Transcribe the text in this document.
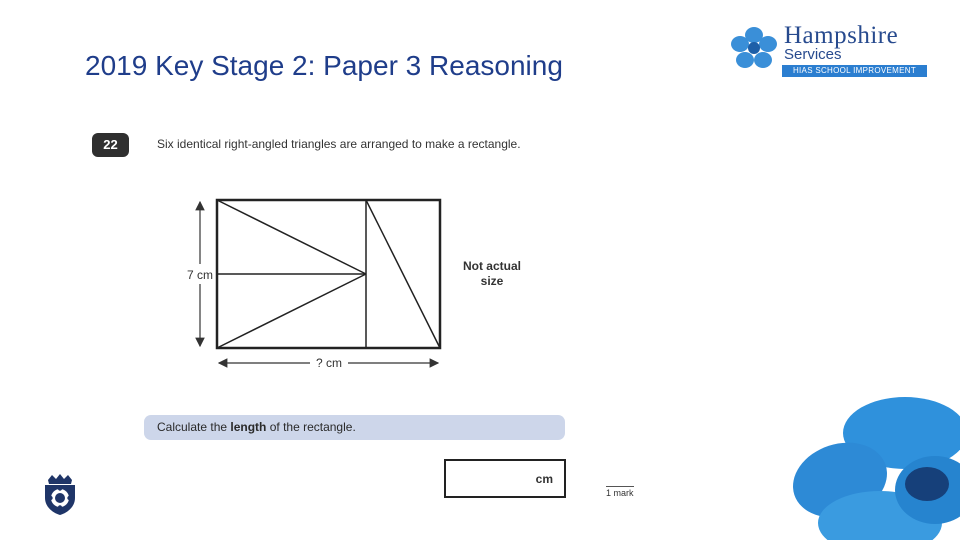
2019 Key Stage 2: Paper 3 Reasoning
Hampshire
Services
HIAS SCHOOL IMPROVEMENT
22	Six identical right-angled triangles are arranged to make a rectangle.
7 cm
? cm
Not actual
size
Calculate the length of the rectangle.
cm
1 mark
